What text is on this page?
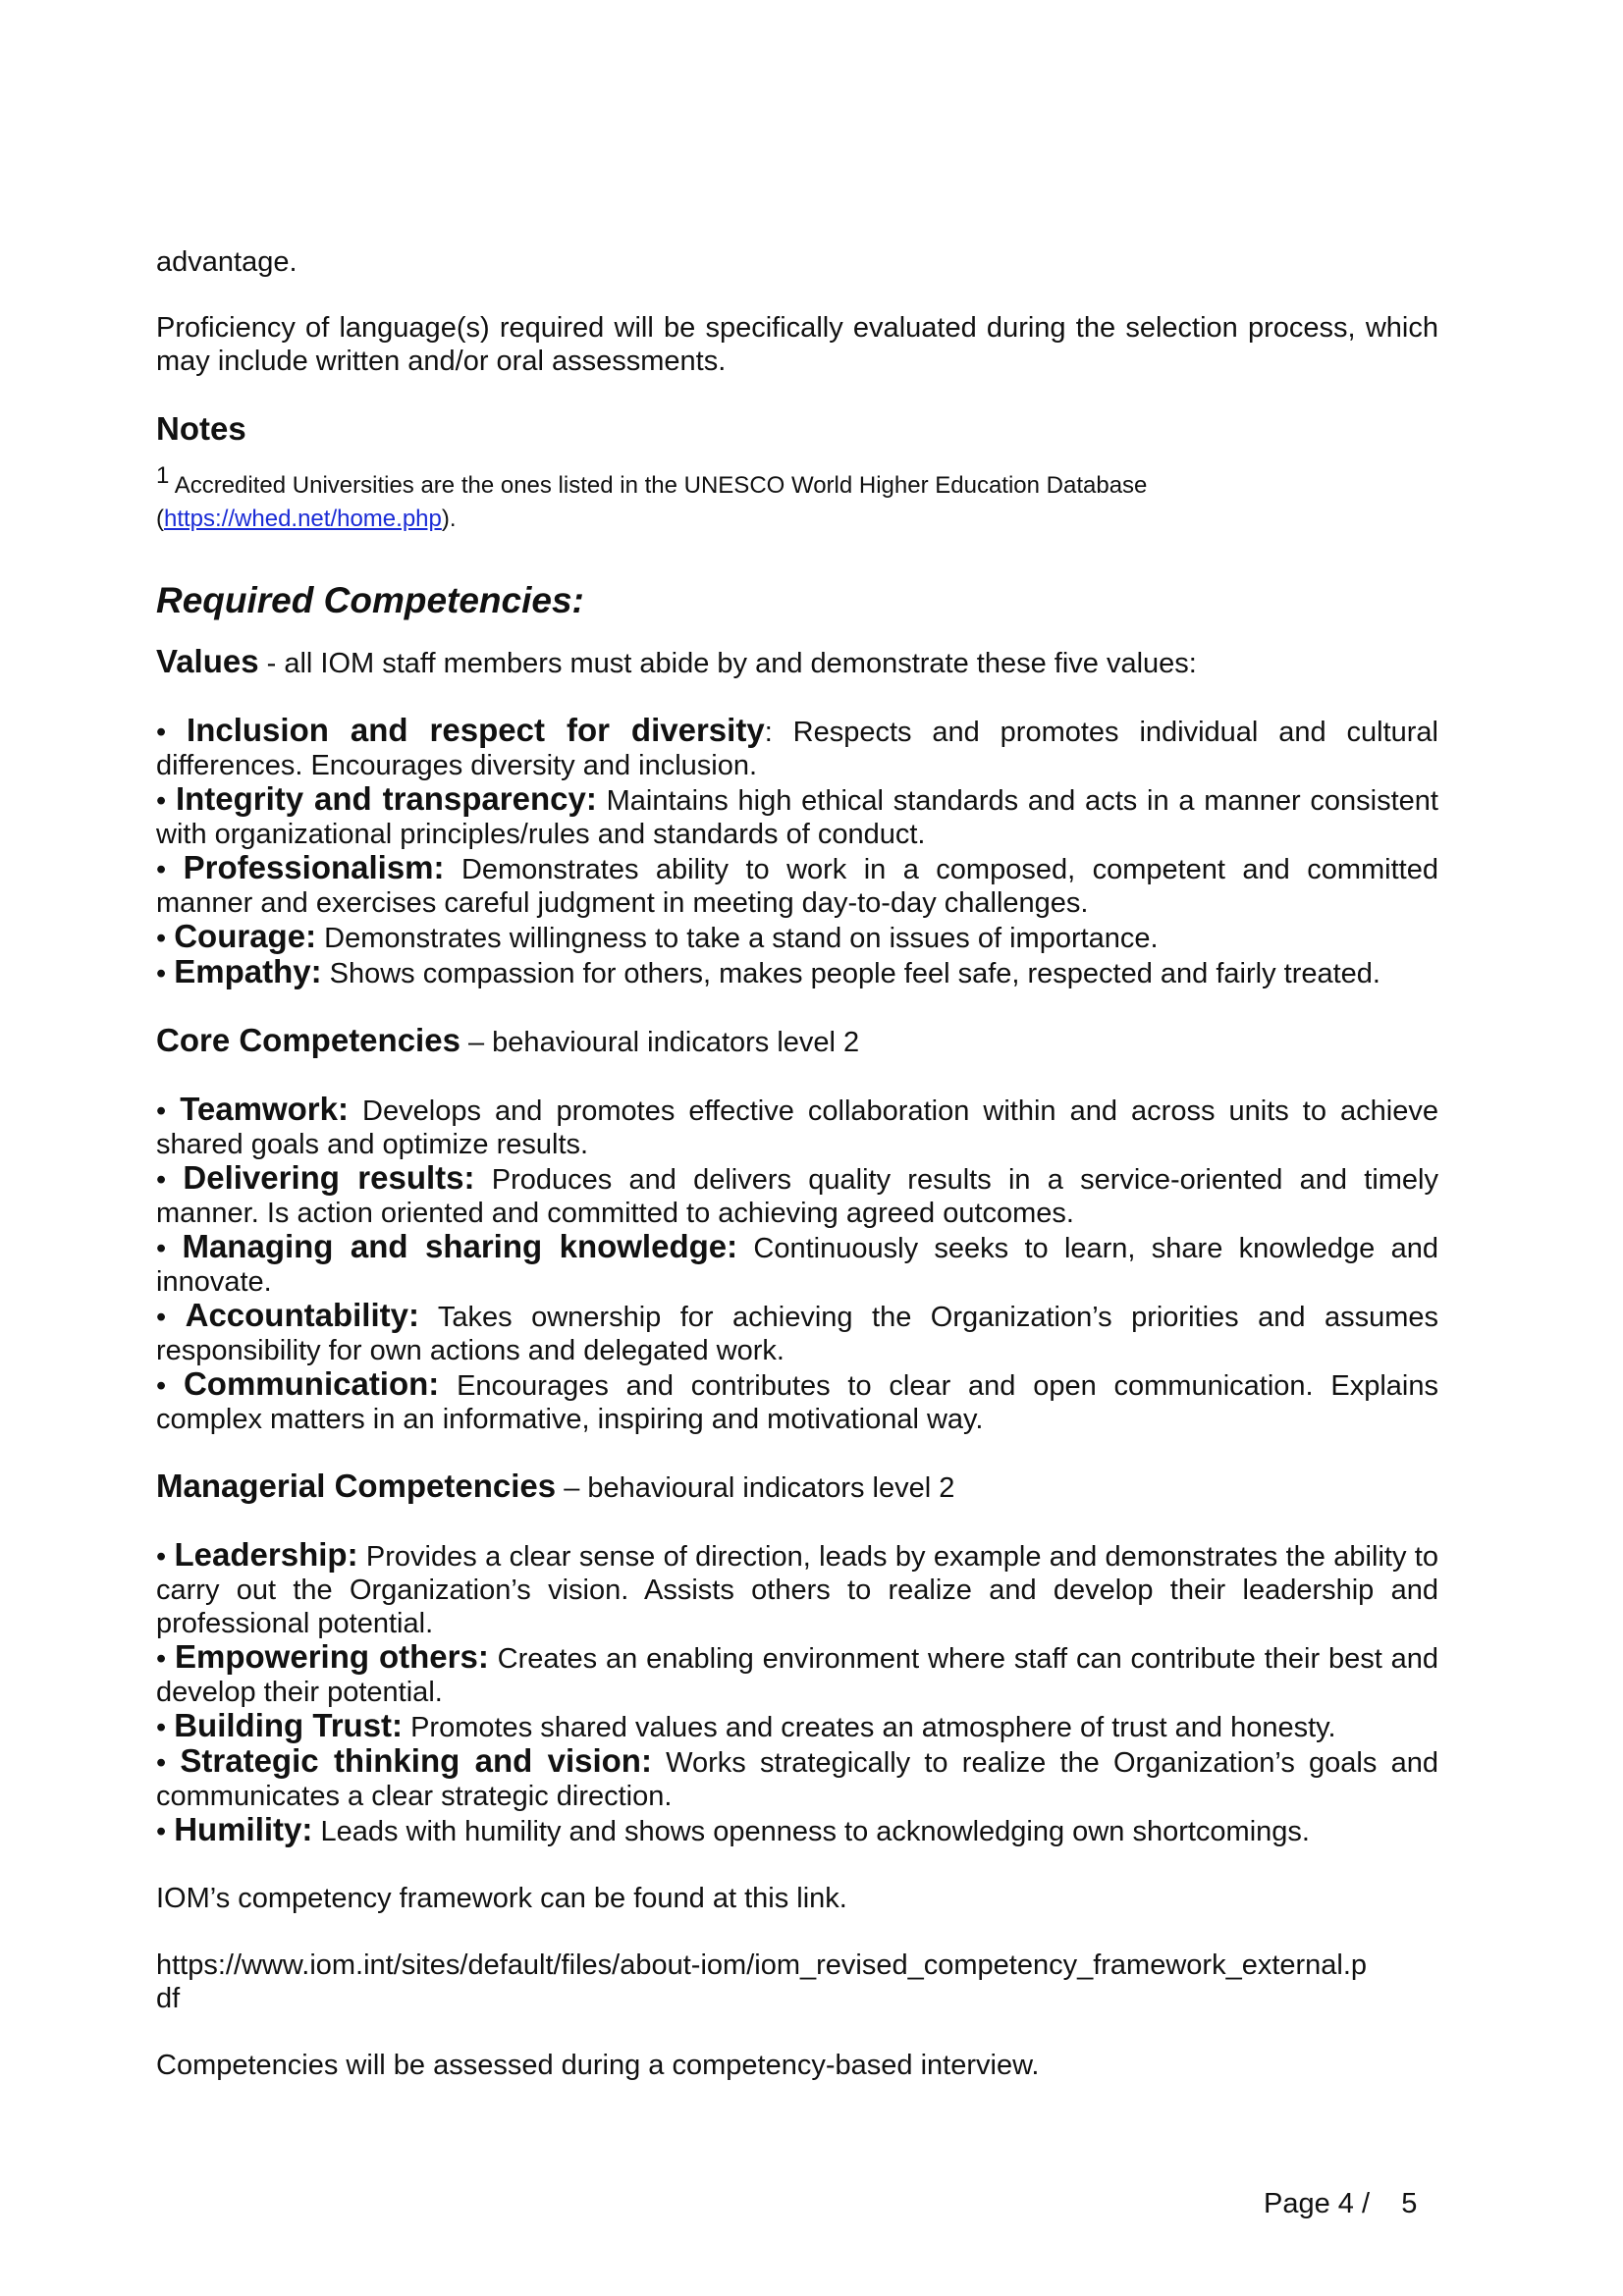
advantage.

Proficiency of language(s) required will be specifically evaluated during the selection process, which may include written and/or oral assessments.

Notes

$^1$ Accredited Universities are the ones listed in the UNESCO World Higher Education Database

(https://whed.net/home.php).

Required Competencies:

Values - all IOM staff members must abide by and demonstrate these five values:

• Inclusion and respect for diversity: Respects and promotes individual and cultural differences. Encourages diversity and inclusion.

• Integrity and transparency: Maintains high ethical standards and acts in a manner consistent with organizational principles/rules and standards of conduct.

• Professionalism: Demonstrates ability to work in a composed, competent and committed manner and exercises careful judgment in meeting day-to-day challenges.

• Courage: Demonstrates willingness to take a stand on issues of importance.

• Empathy: Shows compassion for others, makes people feel safe, respected and fairly treated.

Core Competencies – behavioural indicators level 2

• Teamwork: Develops and promotes effective collaboration within and across units to achieve shared goals and optimize results.

• Delivering results: Produces and delivers quality results in a service-oriented and timely manner. Is action oriented and committed to achieving agreed outcomes.

• Managing and sharing knowledge: Continuously seeks to learn, share knowledge and innovate.

• Accountability: Takes ownership for achieving the Organization’s priorities and assumes responsibility for own actions and delegated work.

• Communication: Encourages and contributes to clear and open communication. Explains complex matters in an informative, inspiring and motivational way.

Managerial Competencies – behavioural indicators level 2

• Leadership: Provides a clear sense of direction, leads by example and demonstrates the ability to carry out the Organization’s vision. Assists others to realize and develop their leadership and professional potential.

• Empowering others: Creates an enabling environment where staff can contribute their best and develop their potential.

• Building Trust: Promotes shared values and creates an atmosphere of trust and honesty.

• Strategic thinking and vision: Works strategically to realize the Organization’s goals and communicates a clear strategic direction.

• Humility: Leads with humility and shows openness to acknowledging own shortcomings.

IOM’s competency framework can be found at this link.

https://www.iom.int/sites/default/files/about-iom/iom_revised_competency_framework_external.p
df

Competencies will be assessed during a competency-based interview.

Page 4 /    5
